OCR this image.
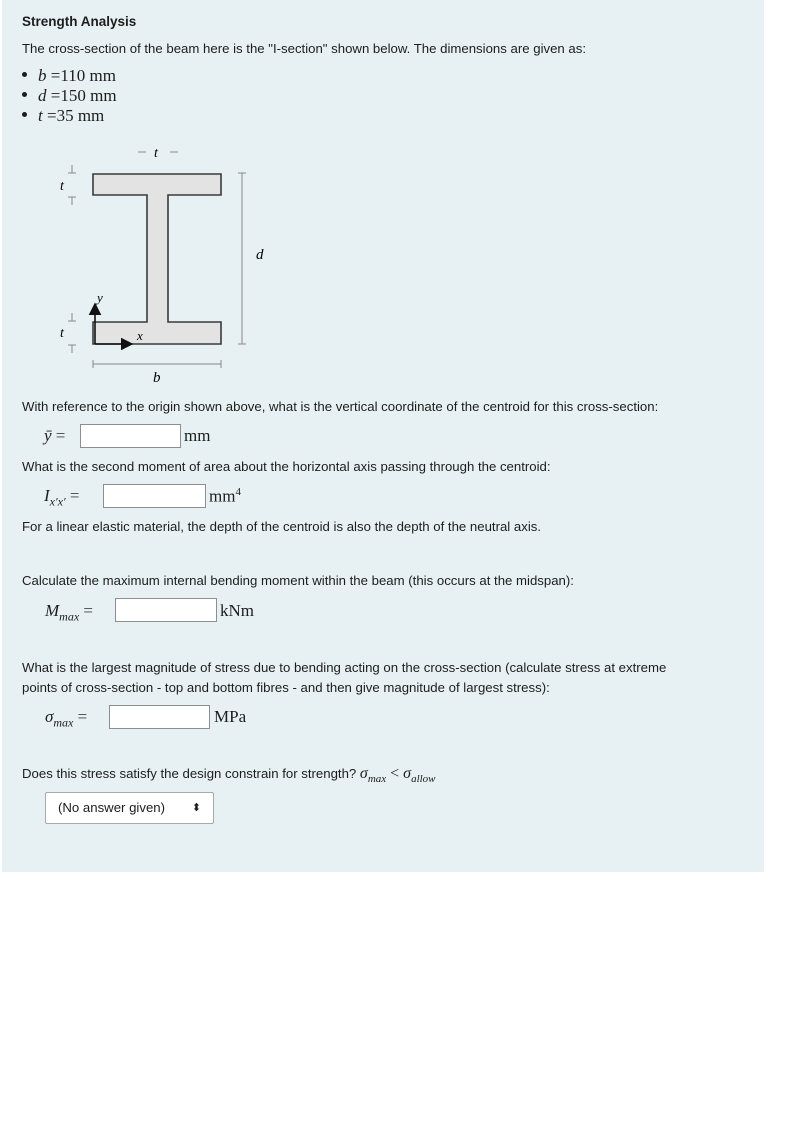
Strength Analysis
The cross-section of the beam here is the "I-section" shown below. The dimensions are given as:
b =110 mm
d =150 mm
t =35 mm
t
t
t
d
b
x
y
With reference to the origin shown above, what is the vertical coordinate of the centroid for this cross-section:
ȳ =	mm
What is the second moment of area about the horizontal axis passing through the centroid:
$I_{x'x'}$ =	$mm^4$
For a linear elastic material, the depth of the centroid is also the depth of the neutral axis.
Calculate the maximum internal bending moment within the beam (this occurs at the midspan):
$M_{max}$ =	kNm
What is the largest magnitude of stress due to bending acting on the cross-section (calculate stress at extreme
points of cross-section - top and bottom fibres - and then give magnitude of largest stress):
$\sigma_{max}$ =	MPa
Does this stress satisfy the design constrain for strength? $\sigma_{max} < \sigma_{allow}$
(No answer given) ⬍
